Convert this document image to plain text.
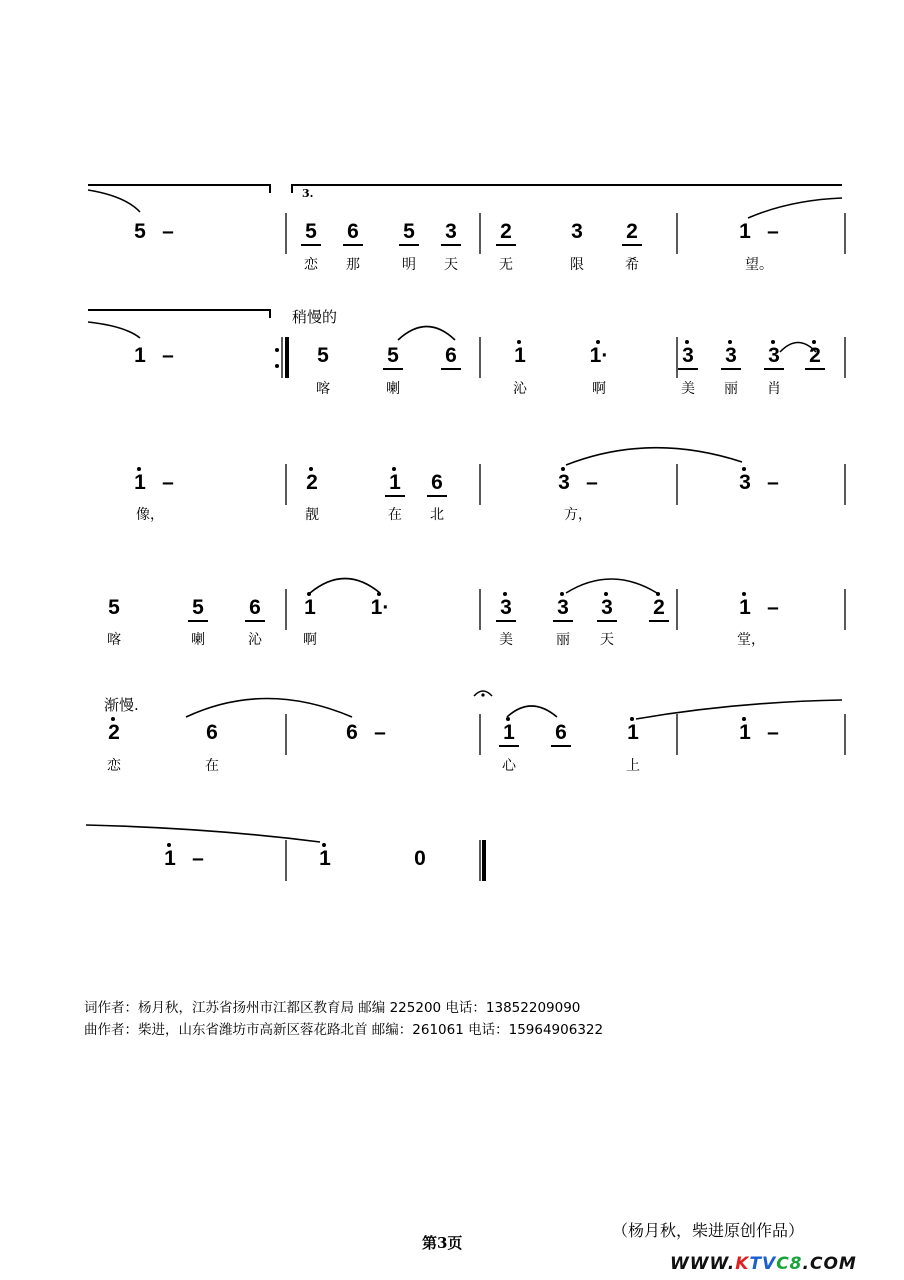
5 –	5 6 5 3
恋 那	明 天
2	3 2
无	限	希
1 –
望。
1 –	5	5 6
喀	喇
1	1·
沁	啊
3 3 3 2
美 丽 肖
1 –
像，
2	1 6
靓	在 北
3 –
方，
3 –
5	5 6
喀	喇	沁
1	1·
啊
3 3 3 2
美	丽 天
1 –
堂，
2	6
恋	在
6 –	1 6	1
心	上
1 –
1 –	1	0
3.
稍慢的
渐慢.
词作者：杨月秋，江苏省扬州市江都区教育局 邮编 225200 电话：13852209090
曲作者：柴进，山东省潍坊市高新区蓉花路北首 邮编：261061 电话：15964906322
（杨月秋，柴进原创作品）
第3页
WWW.KTVC8.COM
